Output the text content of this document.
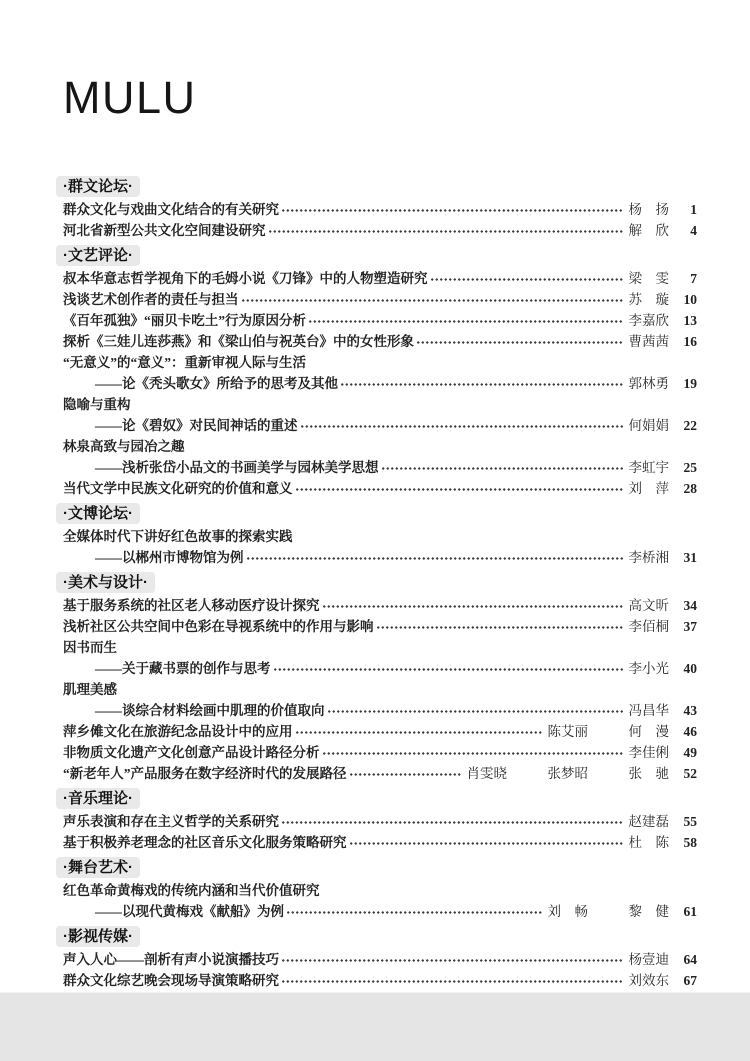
MULU
·群文论坛·
群众文化与戏曲文化结合的有关研究	杨　扬	1
河北省新型公共文化空间建设研究	解　欣	4
·文艺评论·
叔本华意志哲学视角下的毛姆小说《刀锋》中的人物塑造研究	梁　雯	7
浅谈艺术创作者的责任与担当	苏　璇	10
《百年孤独》“丽贝卡吃土”行为原因分析	李嘉欣	13
探析《三娃儿连莎燕》和《梁山伯与祝英台》中的女性形象	曹茜茜	16
“无意义”的“意义”：重新审视人际与生活
——论《秃头歌女》所给予的思考及其他	郭林勇	19
隐喻与重构
——论《碧奴》对民间神话的重述	何娟娟	22
林泉高致与园冶之趣
——浅析张岱小品文的书画美学与园林美学思想	李虹宇	25
当代文学中民族文化研究的价值和意义	刘　萍	28
·文博论坛·
全媒体时代下讲好红色故事的探索实践
——以郴州市博物馆为例	李桥湘	31
·美术与设计·
基于服务系统的社区老人移动医疗设计探究	高文昕	34
浅析社区公共空间中色彩在导视系统中的作用与影响	李佰桐	37
因书而生
——关于藏书票的创作与思考	李小光	40
肌理美感
——谈综合材料绘画中肌理的价值取向	冯昌华	43
萍乡傩文化在旅游纪念品设计中的应用	陈艾丽　　　何　漫	46
非物质文化遗产文化创意产品设计路径分析	李佳俐	49
“新老年人”产品服务在数字经济时代的发展路径	肖雯晓　　　张梦昭　　　张　驰	52
·音乐理论·
声乐表演和存在主义哲学的关系研究	赵建磊	55
基于积极养老理念的社区音乐文化服务策略研究	杜　陈	58
·舞台艺术·
红色革命黄梅戏的传统内涵和当代价值研究
——以现代黄梅戏《献船》为例	刘　畅　　　黎　健	61
·影视传媒·
声入人心——剖析有声小说演播技巧	杨壹迪	64
群众文化综艺晚会现场导演策略研究	刘效东	67
